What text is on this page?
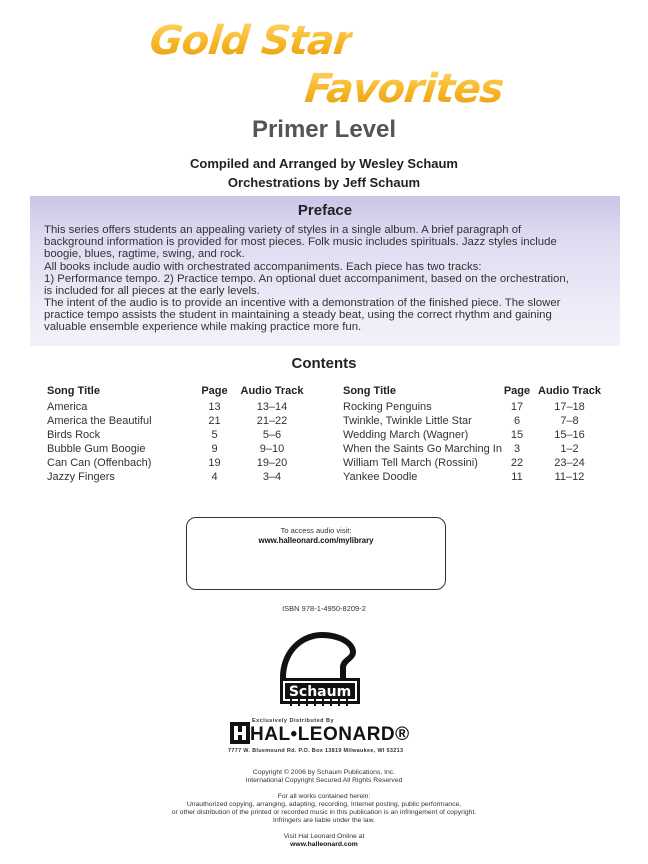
Gold Star
Favorites
Primer Level
Compiled and Arranged by Wesley Schaum
Orchestrations by Jeff Schaum
Preface
This series offers students an appealing variety of styles in a single album. A brief paragraph of
background information is provided for most pieces. Folk music includes spirituals. Jazz styles include
boogie, blues, ragtime, swing, and rock.
All books include audio with orchestrated accompaniments. Each piece has two tracks:
1) Performance tempo. 2) Practice tempo. An optional duet accompaniment, based on the orchestration,
is included for all pieces at the early levels.
The intent of the audio is to provide an incentive with a demonstration of the finished piece. The slower
practice tempo assists the student in maintaining a steady beat, using the correct rhythm and gaining
valuable ensemble experience while making practice more fun.
Contents
Song Title	Page	Audio Track
America	13	13–14
America the Beautiful	21	21–22
Birds Rock	5	5–6
Bubble Gum Boogie	9	9–10
Can Can (Offenbach)	19	19–20
Jazzy Fingers	4	3–4
Song Title	Page	Audio Track
Rocking Penguins	17	17–18
Twinkle, Twinkle Little Star	6	7–8
Wedding March (Wagner)	15	15–16
When the Saints Go Marching In	3	1–2
William Tell March (Rossini)	22	23–24
Yankee Doodle	11	11–12
To access audio visit:
www.halleonard.com/mylibrary
ISBN 978-1-4950-8209-2
Schaum
Exclusively Distributed By
HAL•LEONARD®
7777 W. Bluemound Rd. P.O. Box 13819 Milwaukee, WI 53213
Copyright © 2006 by Schaum Publications, Inc.
International Copyright Secured All Rights Reserved
For all works contained herein:
Unauthorized copying, arranging, adapting, recording, Internet posting, public performance,
or other distribution of the printed or recorded music in this publication is an infringement of copyright.
Infringers are liable under the law.
Visit Hal Leonard Online at
www.halleonard.com
